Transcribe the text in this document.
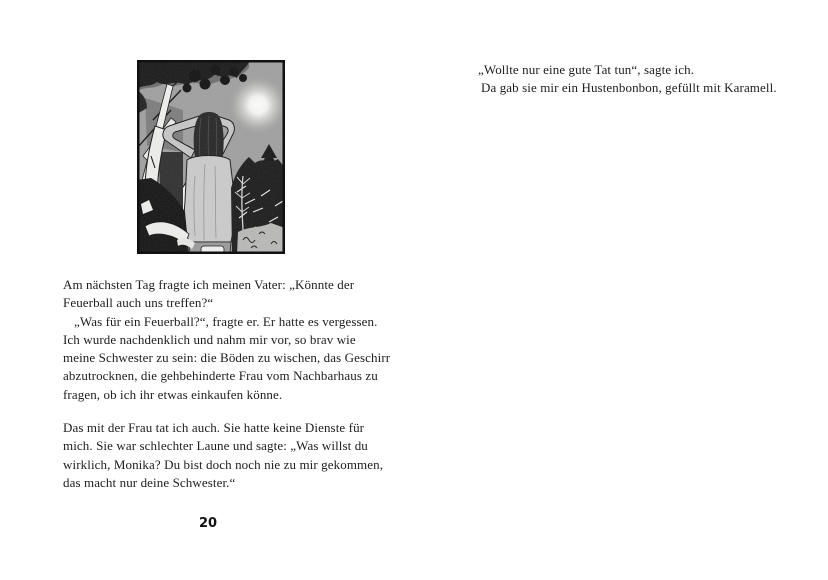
„Wollte nur eine gute Tat tun“, sagte ich.
Da gab sie mir ein Hustenbonbon, gefüllt mit Karamell.
Am nächsten Tag fragte ich meinen Vater: „Könnte der
Feuerball auch uns treffen?“
„Was für ein Feuerball?“, fragte er. Er hatte es vergessen.
Ich wurde nachdenklich und nahm mir vor, so brav wie
meine Schwester zu sein: die Böden zu wischen, das Geschirr
abzutrocknen, die gehbehinderte Frau vom Nachbarhaus zu
fragen, ob ich ihr etwas einkaufen könne.
Das mit der Frau tat ich auch. Sie hatte keine Dienste für
mich. Sie war schlechter Laune und sagte: „Was willst du
wirklich, Monika? Du bist doch noch nie zu mir gekommen,
das macht nur deine Schwester.“
20
